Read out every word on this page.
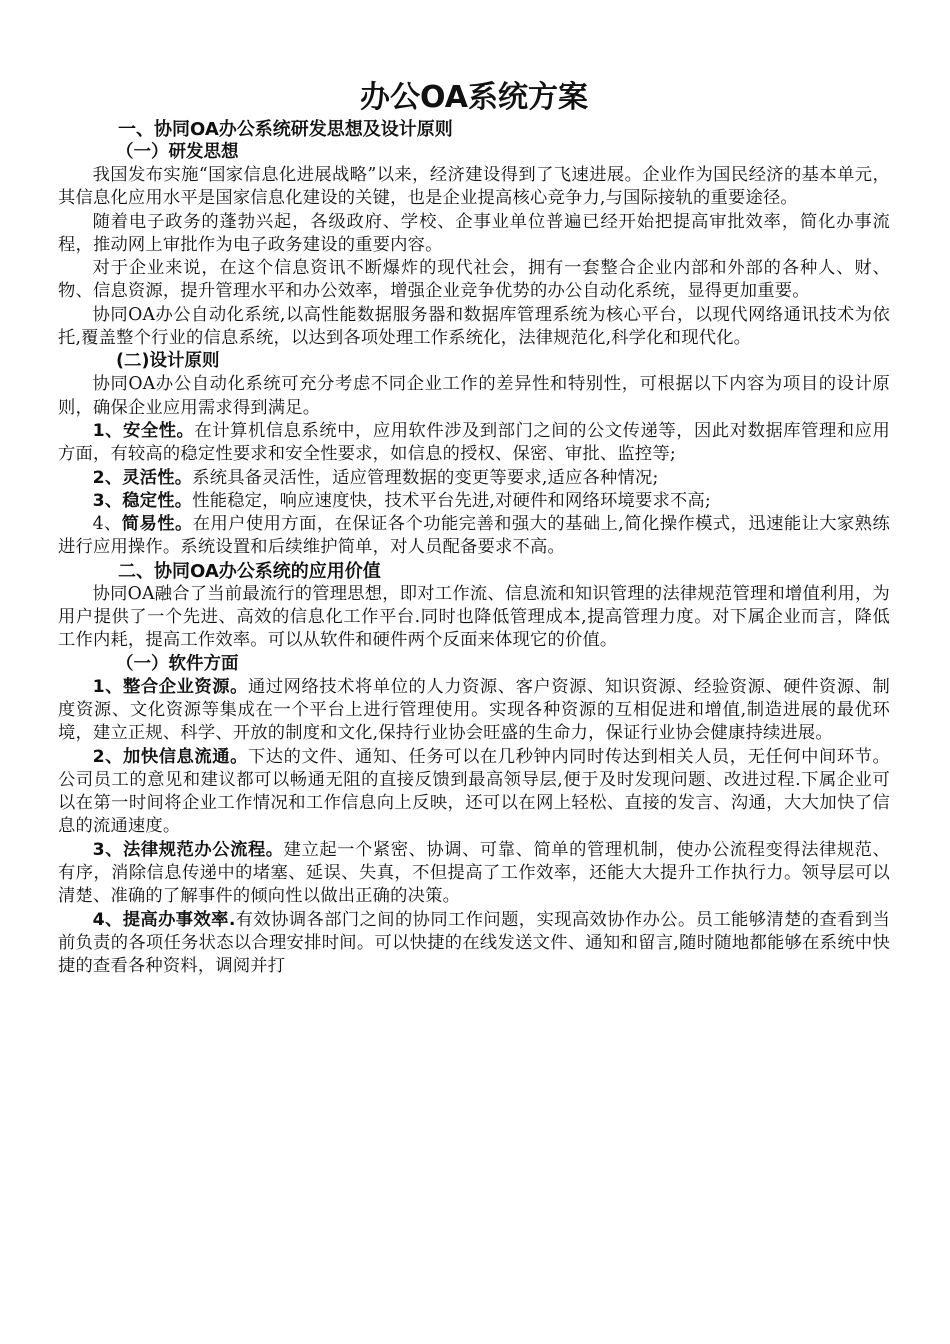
办公OA系统方案
一、协同OA办公系统研发思想及设计原则
（一）研发思想

我国发布实施“国家信息化进展战略”以来，经济建设得到了飞速进展。企业作为国民经济的基本单元，其信息化应用水平是国家信息化建设的关键，也是企业提高核心竞争力,与国际接轨的重要途径。

随着电子政务的蓬勃兴起，各级政府、学校、企事业单位普遍已经开始把提高审批效率，简化办事流程，推动网上审批作为电子政务建设的重要内容。

对于企业来说，在这个信息资讯不断爆炸的现代社会，拥有一套整合企业内部和外部的各种人、财、物、信息资源，提升管理水平和办公效率，增强企业竞争优势的办公自动化系统，显得更加重要。

协同OA办公自动化系统,以高性能数据服务器和数据库管理系统为核心平台，以现代网络通讯技术为依托,覆盖整个行业的信息系统，以达到各项处理工作系统化，法律规范化,科学化和现代化。

(二)设计原则

协同OA办公自动化系统可充分考虑不同企业工作的差异性和特别性，可根据以下内容为项目的设计原则，确保企业应用需求得到满足。

1、安全性。在计算机信息系统中，应用软件涉及到部门之间的公文传递等，因此对数据库管理和应用方面，有较高的稳定性要求和安全性要求，如信息的授权、保密、审批、监控等;

2、灵活性。系统具备灵活性，适应管理数据的变更等要求,适应各种情况;

3、稳定性。性能稳定，响应速度快，技术平台先进,对硬件和网络环境要求不高;

4、简易性。在用户使用方面，在保证各个功能完善和强大的基础上,简化操作模式，迅速能让大家熟练进行应用操作。系统设置和后续维护简单，对人员配备要求不高。

二、协同OA办公系统的应用价值

协同OA融合了当前最流行的管理思想，即对工作流、信息流和知识管理的法律规范管理和增值利用，为用户提供了一个先进、高效的信息化工作平台.同时也降低管理成本,提高管理力度。对下属企业而言，降低工作内耗，提高工作效率。可以从软件和硬件两个反面来体现它的价值。

（一）软件方面

1、整合企业资源。通过网络技术将单位的人力资源、客户资源、知识资源、经验资源、硬件资源、制度资源、文化资源等集成在一个平台上进行管理使用。实现各种资源的互相促进和增值,制造进展的最优环境，建立正规、科学、开放的制度和文化,保持行业协会旺盛的生命力，保证行业协会健康持续进展。

2、加快信息流通。下达的文件、通知、任务可以在几秒钟内同时传达到相关人员，无任何中间环节。公司员工的意见和建议都可以畅通无阻的直接反馈到最高领导层,便于及时发现问题、改进过程.下属企业可以在第一时间将企业工作情况和工作信息向上反映，还可以在网上轻松、直接的发言、沟通，大大加快了信息的流通速度。

3、法律规范办公流程。建立起一个紧密、协调、可靠、简单的管理机制，使办公流程变得法律规范、有序，消除信息传递中的堵塞、延误、失真，不但提高了工作效率，还能大大提升工作执行力。领导层可以清楚、准确的了解事件的倾向性以做出正确的决策。

4、提高办事效率.有效协调各部门之间的协同工作问题，实现高效协作办公。员工能够清楚的查看到当前负责的各项任务状态以合理安排时间。可以快捷的在线发送文件、通知和留言,随时随地都能够在系统中快捷的查看各种资料，调阅并打
